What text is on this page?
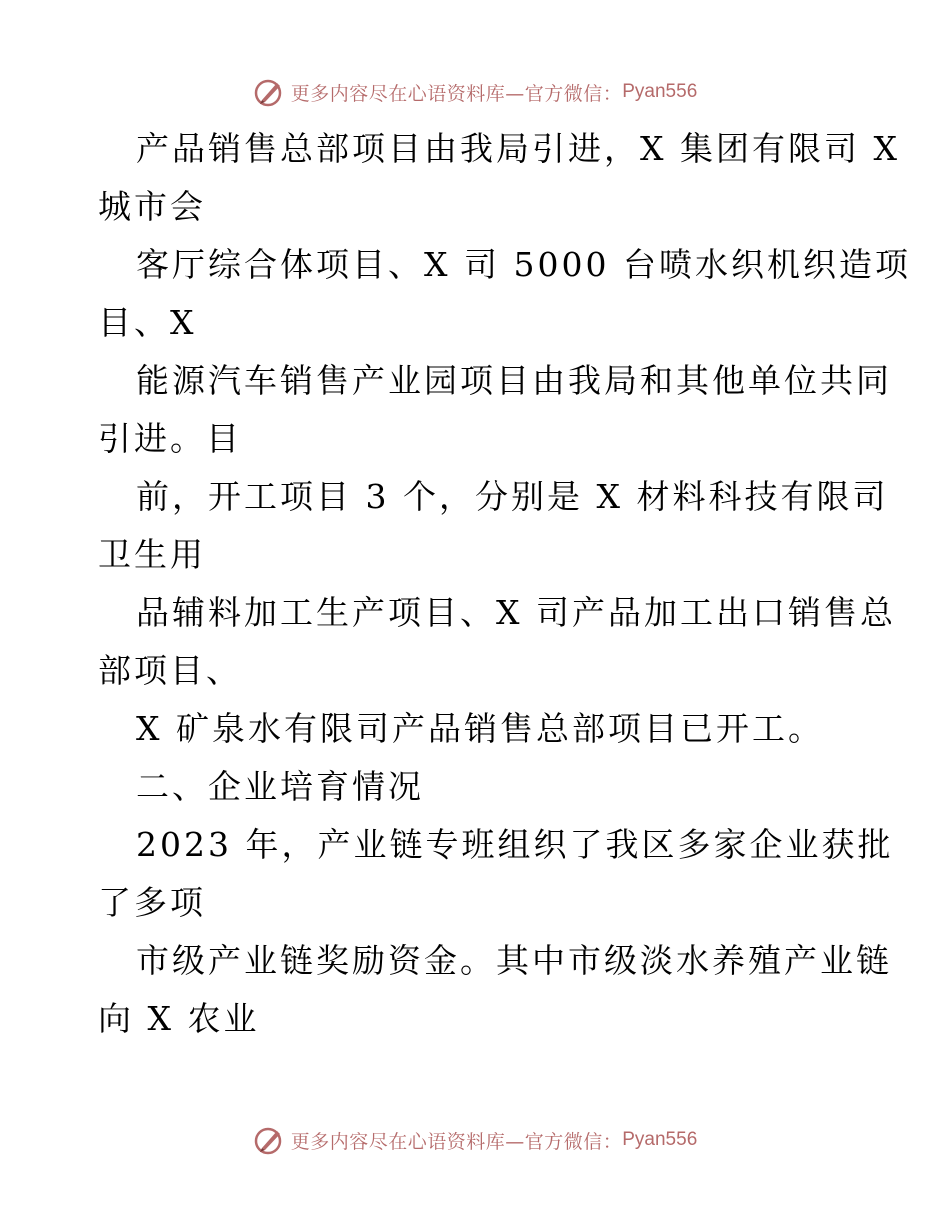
更多内容尽在心语资料库—官方微信： Pyan556
产品销售总部项目由我局引进，X 集团有限司 X
城市会
客厅综合体项目、X 司 5000 台喷水织机织造项
目、X
能源汽车销售产业园项目由我局和其他单位共同
引进。目
前，开工项目 3 个，分别是 X 材料科技有限司
卫生用
品辅料加工生产项目、X 司产品加工出口销售总
部项目、
X 矿泉水有限司产品销售总部项目已开工。
二、企业培育情况
2023 年，产业链专班组织了我区多家企业获批
了多项
市级产业链奖励资金。其中市级淡水养殖产业链
向 X 农业
更多内容尽在心语资料库—官方微信： Pyan556
